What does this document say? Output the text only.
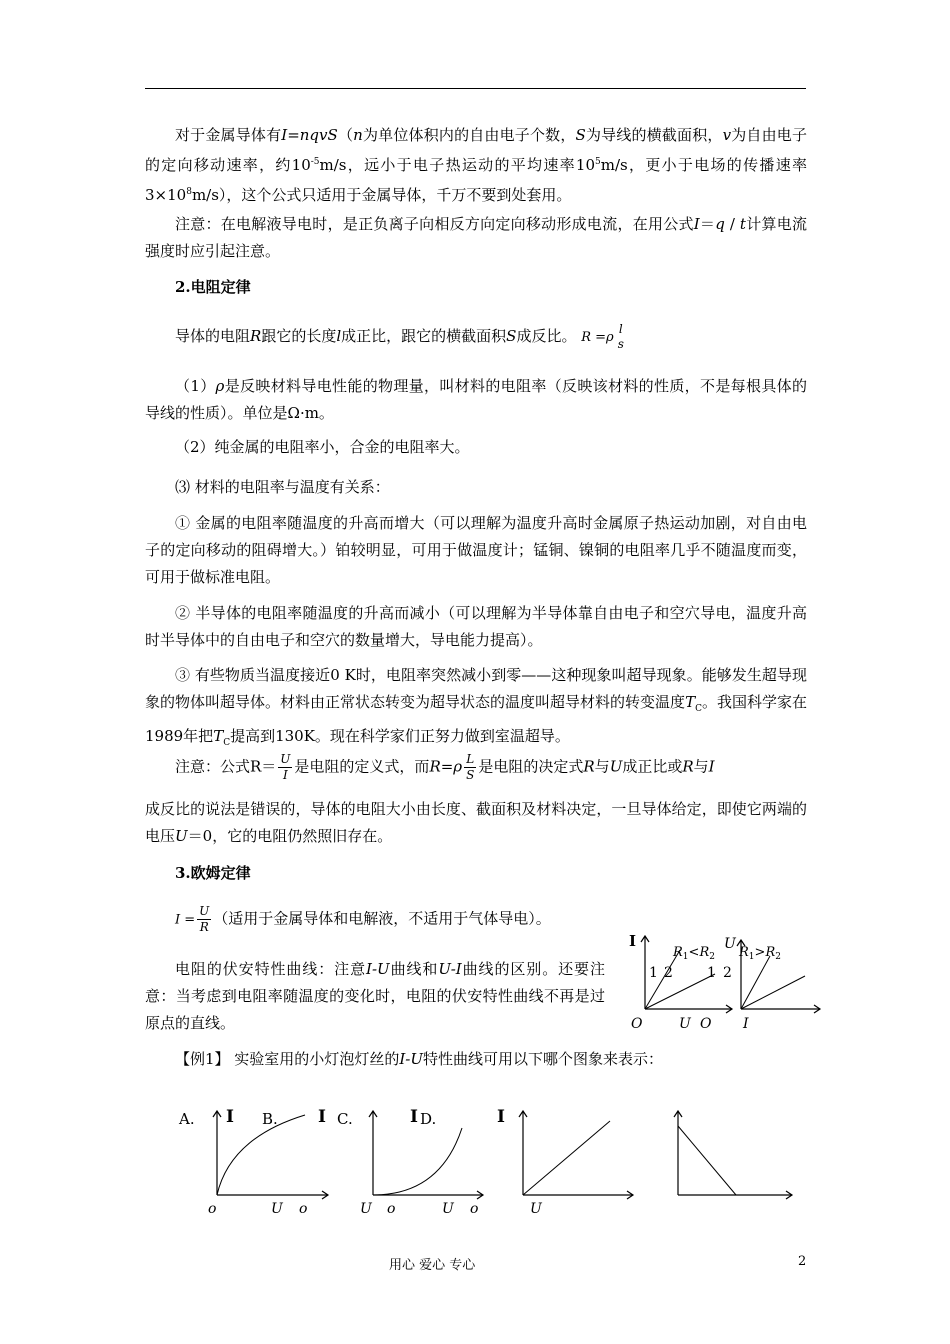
对于金属导体有I=nqvS（n为单位体积内的自由电子个数，S为导线的横截面积，v为自由电子的定向移动速率，约$10^{-5}m/s$，远小于电子热运动的平均速率$10^5m/s$，更小于电场的传播速率$3\times 10^8m/s$），这个公式只适用于金属导体，千万不要到处套用。
注意：在电解液导电时，是正负离子向相反方向定向移动形成电流，在用公式I＝q / t计算电流强度时应引起注意。
2.电阻定律
导体的电阻R跟它的长度l成正比，跟它的横截面积S成反比。 R =ρ
l
s
（1）ρ是反映材料导电性能的物理量，叫材料的电阻率（反映该材料的性质，不是每根具体的导线的性质）。单位是Ω·m。
（2）纯金属的电阻率小，合金的电阻率大。
⑶ 材料的电阻率与温度有关系：
① 金属的电阻率随温度的升高而增大（可以理解为温度升高时金属原子热运动加剧，对自由电子的定向移动的阻碍增大。）铂较明显，可用于做温度计；锰铜、镍铜的电阻率几乎不随温度而变，可用于做标准电阻。
② 半导体的电阻率随温度的升高而减小（可以理解为半导体靠自由电子和空穴导电，温度升高时半导体中的自由电子和空穴的数量增大，导电能力提高）。
③ 有些物质当温度接近0 K时，电阻率突然减小到零——这种现象叫超导现象。能够发生超导现象的物体叫超导体。材料由正常状态转变为超导状态的温度叫超导材料的转变温度$T_C$。我国科学家在1989年把$T_C$提高到130K。现在科学家们正努力做到室温超导。
注意：公式$R= \frac{U}{I}$ 是电阻的定义式，而$R=\rho \frac{L}{S}$ 是电阻的决定式R与U成正比或R与I
成反比的说法是错误的，导体的电阻大小由长度、截面积及材料决定，一旦导体给定，即使它两端的电压U＝0，它的电阻仍然照旧存在。
3.欧姆定律
$I = \frac{U}{R}$ （适用于金属导体和电解液，不适用于气体导电）。
电阻的伏安特性曲线：注意I-U曲线和U-I曲线的区别。还要注意：当考虑到电阻率随温度的变化时，电阻的伏安特性曲线不再是过原点的直线。
I
$R_1<R_2$
U
$R_1>R_2$
1 2 1 2
O	U O I
【例1】 实验室用的小灯泡灯丝的I-U特性曲线可用以下哪个图象来表示：
A. I B. I C.	I D.	I
o	U o	U o	U o	U
用心 爱心 专心	2
